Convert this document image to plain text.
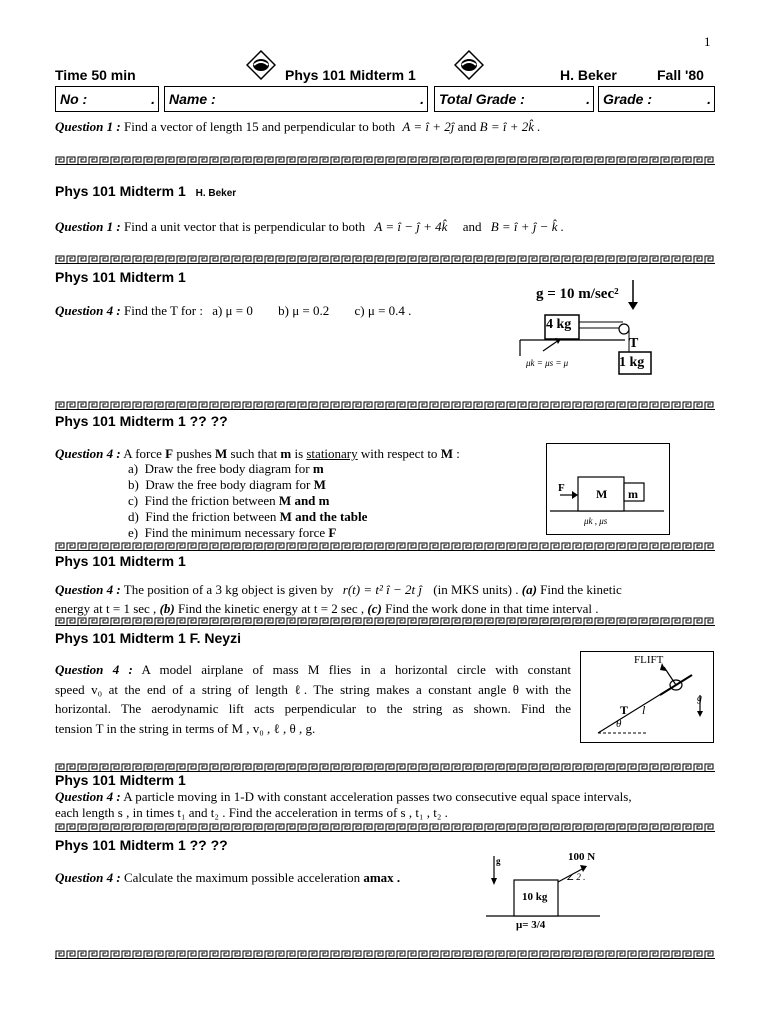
1
Time 50 min	Phys 101 Midterm 1	H. Beker	Fall '80
No :	.	Name :	.	Total Grade :	. Grade :	.
Question 1 : Find a vector of length 15 and perpendicular to both A = î + 2ĵ and B = î + 2k̂ .
Phys 101 Midterm 1 H. Beker
Question 1 : Find a unit vector that is perpendicular to both A = î − ĵ + 4k̂ and B = î + ĵ − k̂ .
Phys 101 Midterm 1
Question 4 : Find the T for : a) μ = 0 b) μ = 0.2 c) μ = 0.4 .
g = 10 m/sec²
4 kg
1 kg
T
μk = μs = μ
Phys 101 Midterm 1 ?? ??
Question 4 : A force F pushes M such that m is stationary with respect to M :
a) Draw the free body diagram for m
b) Draw the free body diagram for M
c) Find the friction between M and m
d) Find the friction between M and the table
e) Find the minimum necessary force F
F	M m
μk , μs
Phys 101 Midterm 1
Question 4 : The position of a 3 kg object is given by r(t) = t² î − 2t ĵ (in MKS units) . (a) Find the kinetic
energy at t = 1 sec , (b) Find the kinetic energy at t = 2 sec , (c) Find the work done in that time interval .
Phys 101 Midterm 1 F. Neyzi
Question 4 : A model airplane of mass M flies in a horizontal circle with constant
speed v₀ at the end of a string of length ℓ. The string makes a constant angle θ with the
horizontal. The aerodynamic lift acts perpendicular to the string as shown. Find the
tension T in the string in terms of M , v₀ , ℓ , θ , g.
FLIFT
T l
θ
g
Phys 101 Midterm 1
Question 4 : A particle moving in 1-D with constant acceleration passes two consecutive equal space intervals,
each length s , in times t₁ and t₂ . Find the acceleration in terms of s , t₁ , t₂ .
Phys 101 Midterm 1 ?? ??
Question 4 : Calculate the maximum possible acceleration amax .
g	100 N
∠ 2 .
10 kg
μ= 3/4
